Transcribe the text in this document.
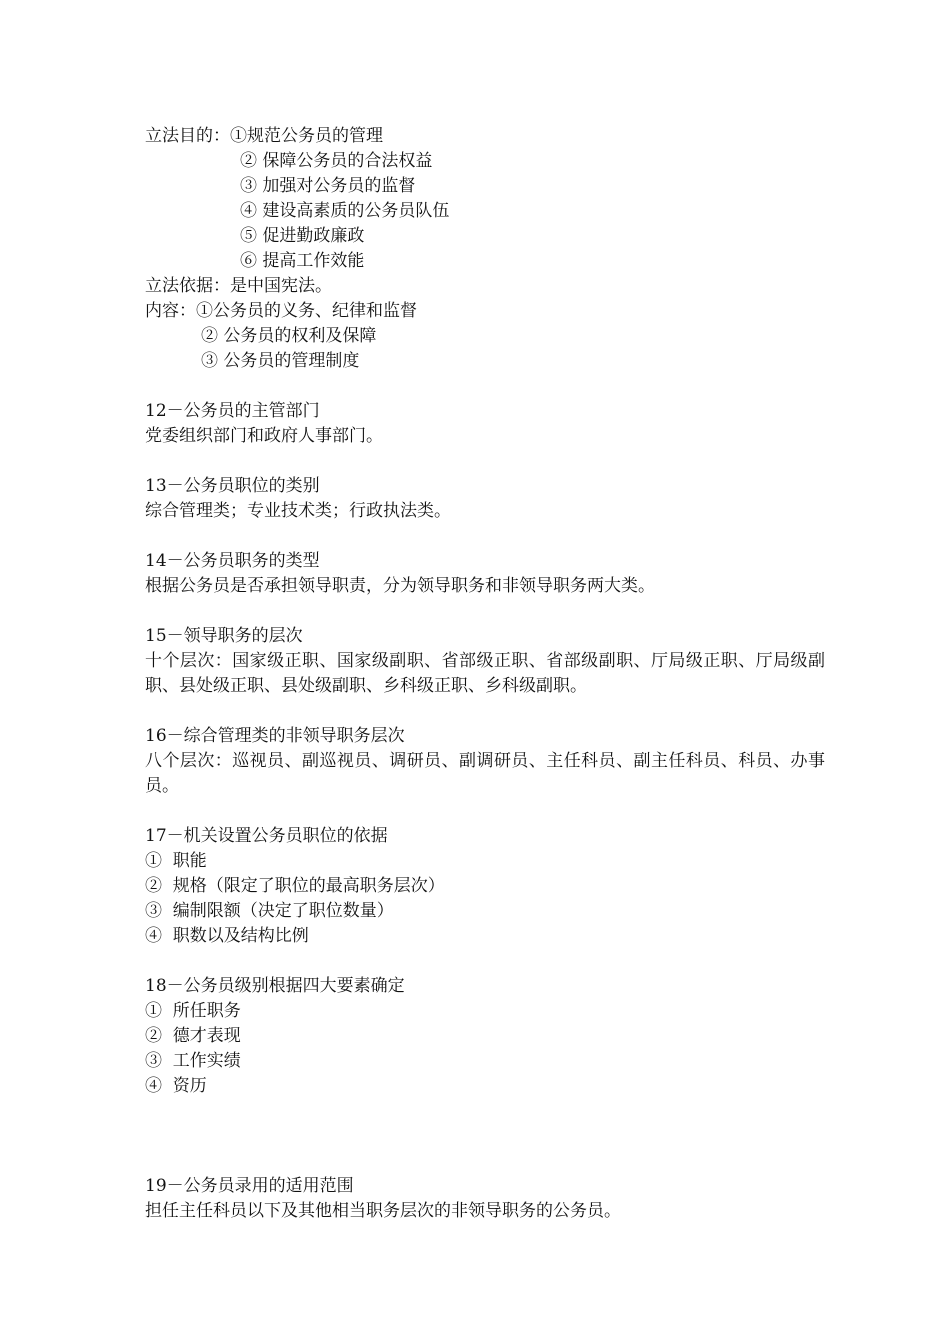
立法目的：①规范公务员的管理
② 保障公务员的合法权益
③ 加强对公务员的监督
④ 建设高素质的公务员队伍
⑤ 促进勤政廉政
⑥ 提高工作效能
立法依据：是中国宪法。
内容：①公务员的义务、纪律和监督
② 公务员的权利及保障
③ 公务员的管理制度
12－公务员的主管部门
党委组织部门和政府人事部门。
13－公务员职位的类别
综合管理类；专业技术类；行政执法类。
14－公务员职务的类型
根据公务员是否承担领导职责，分为领导职务和非领导职务两大类。
15－领导职务的层次
十个层次：国家级正职、国家级副职、省部级正职、省部级副职、厅局级正职、厅局级副职、县处级正职、县处级副职、乡科级正职、乡科级副职。
16－综合管理类的非领导职务层次
八个层次：巡视员、副巡视员、调研员、副调研员、主任科员、副主任科员、科员、办事员。
17－机关设置公务员职位的依据
①  职能
②  规格（限定了职位的最高职务层次）
③  编制限额（决定了职位数量）
④  职数以及结构比例
18－公务员级别根据四大要素确定
①  所任职务
②  德才表现
③  工作实绩
④  资历
19－公务员录用的适用范围
担任主任科员以下及其他相当职务层次的非领导职务的公务员。
